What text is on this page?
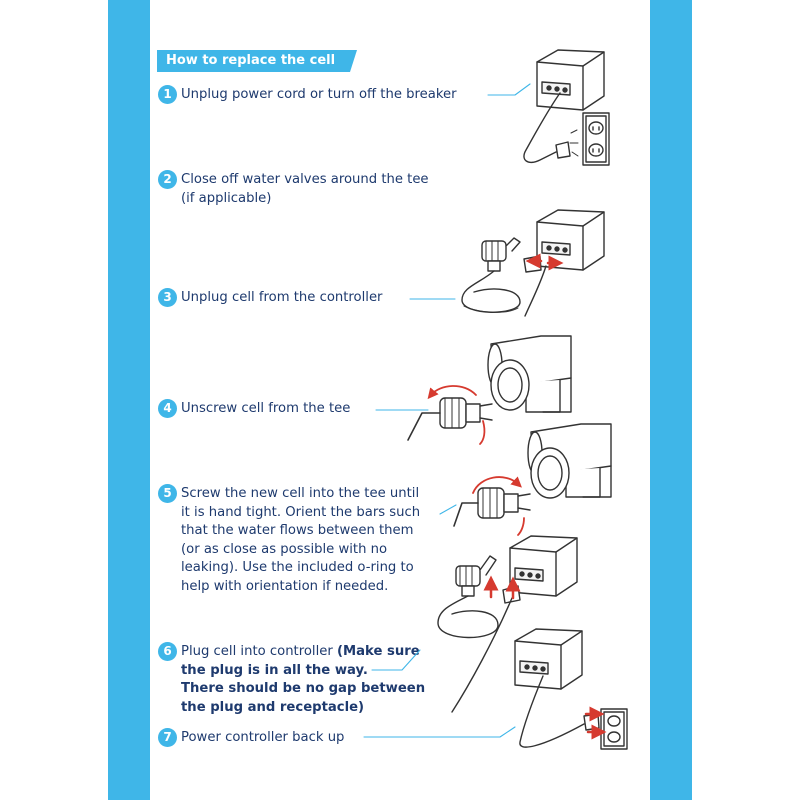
How to replace the cell
1 Unplug power cord or turn off the breaker
2 Close off water valves around the tee
(if applicable)
3 Unplug cell from the controller
4 Unscrew cell from the tee
5 Screw the new cell into the tee until
it is hand tight. Orient the bars such
that the water flows between them
(or as close as possible with no
leaking). Use the included o-ring to
help with orientation if needed.
6 Plug cell into controller (Make sure
the plug is in all the way.
There should be no gap between
the plug and receptacle)
7 Power controller back up
